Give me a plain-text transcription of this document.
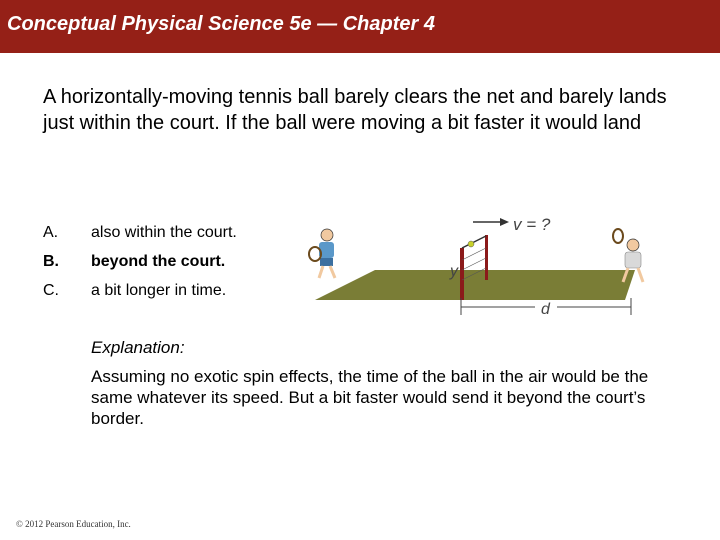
Conceptual Physical Science 5e — Chapter 4
A horizontally-moving tennis ball barely clears the net and barely lands just within the court. If the ball were moving a bit faster it would land
A. also within the court.
B. beyond the court.
C. a bit longer in time.
v = ?
y
d
Explanation:
Assuming no exotic spin effects, the time of the ball in the air would be the same whatever its speed. But a bit faster would send it beyond the court’s border.
© 2012 Pearson Education, Inc.
